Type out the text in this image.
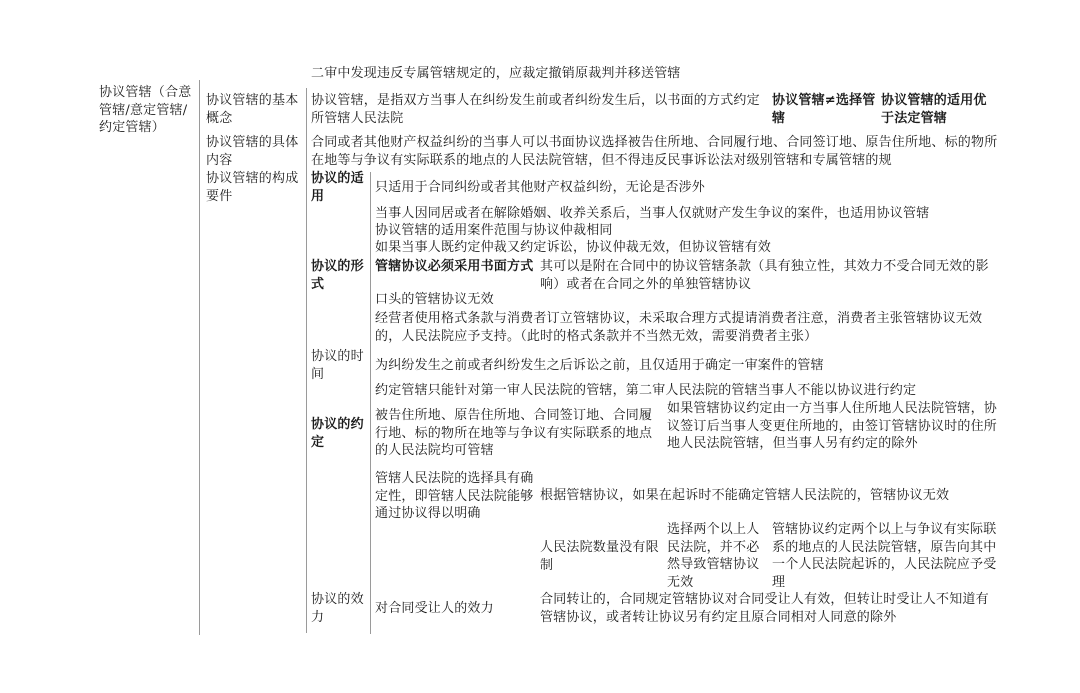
二审中发现违反专属管辖规定的，应裁定撤销原裁判并移送管辖
协议管辖（合意管辖/意定管辖/约定管辖）
协议管辖的基本概念
协议管辖，是指双方当事人在纠纷发生前或者纠纷发生后，以书面的方式约定所管辖人民法院
协议管辖≠选择管辖
协议管辖的适用优于法定管辖
协议管辖的具体内容
合同或者其他财产权益纠纷的当事人可以书面协议选择被告住所地、合同履行地、合同签订地、原告住所地、标的物所在地等与争议有实际联系的地点的人民法院管辖，但不得违反民事诉讼法对级别管辖和专属管辖的规
协议管辖的构成要件
协议的适用
只适用于合同纠纷或者其他财产权益纠纷，无论是否涉外
当事人因同居或者在解除婚姻、收养关系后，当事人仅就财产发生争议的案件，也适用协议管辖
协议管辖的适用案件范围与协议仲裁相同
如果当事人既约定仲裁又约定诉讼，协议仲裁无效，但协议管辖有效
协议的形式
管辖协议必须采用书面方式 其可以是附在合同中的协议管辖条款（具有独立性，其效力不受合同无效的影响）或者在合同之外的单独管辖协议
口头的管辖协议无效
经营者使用格式条款与消费者订立管辖协议，未采取合理方式提请消费者注意，消费者主张管辖协议无效的，人民法院应予支持。（此时的格式条款并不当然无效，需要消费者主张）
协议的时间
为纠纷发生之前或者纠纷发生之后诉讼之前，且仅适用于确定一审案件的管辖
约定管辖只能针对第一审人民法院的管辖，第二审人民法院的管辖当事人不能以协议进行约定
协议的约定
被告住所地、原告住所地、合同签订地、合同履行地、标的物所在地等与争议有实际联系的地点的人民法院均可管辖
如果管辖协议约定由一方当事人住所地人民法院管辖，协议签订后当事人变更住所地的，由签订管辖协议时的住所地人民法院管辖，但当事人另有约定的除外
协议的效力
管辖人民法院的选择具有确定性，即管辖人民法院能够通过协议得以明确
根据管辖协议，如果在起诉时不能确定管辖人民法院的，管辖协议无效
人民法院数量没有限制
选择两个以上人民法院，并不必然导致管辖协议无效
管辖协议约定两个以上与争议有实际联系的地点的人民法院管辖，原告向其中一个人民法院起诉的，人民法院应予受理
对合同受让人的效力
合同转让的，合同规定管辖协议对合同受让人有效，但转让时受让人不知道有管辖协议，或者转让协议另有约定且原合同相对人同意的除外
